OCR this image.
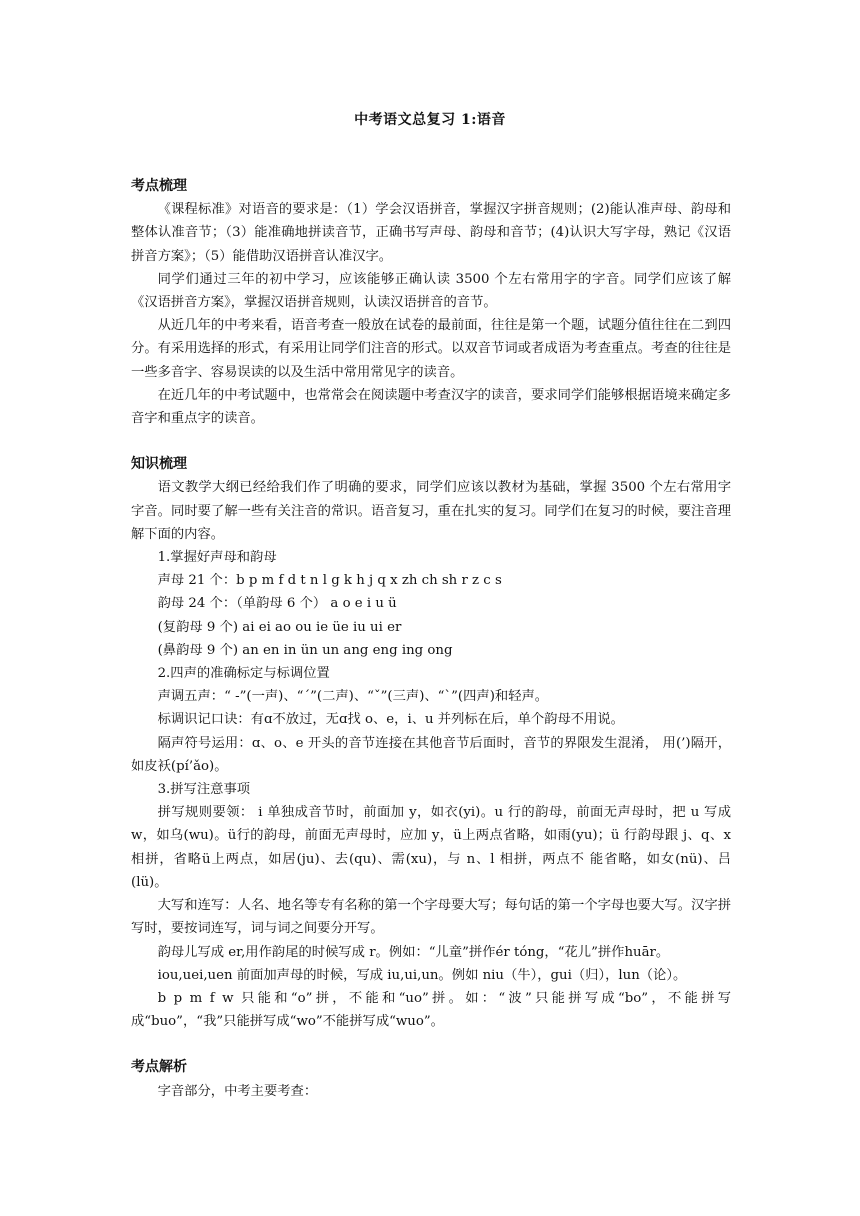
中考语文总复习 1:语音

考点梳理

《课程标准》对语音的要求是：（1）学会汉语拼音，掌握汉字拼音规则；(2)能认准声母、韵母和整体认准音节；（3）能准确地拼读音节，正确书写声母、韵母和音节；(4)认识大写字母，熟记《汉语拼音方案》；（5）能借助汉语拼音认准汉字。

同学们通过三年的初中学习，应该能够正确认读 3500 个左右常用字的字音。同学们应该了解《汉语拼音方案》，掌握汉语拼音规则，认读汉语拼音的音节。

从近几年的中考来看，语音考查一般放在试卷的最前面，往往是第一个题，试题分值往往在二到四分。有采用选择的形式，有采用让同学们注音的形式。以双音节词或者成语为考查重点。考查的往往是一些多音字、容易误读的以及生活中常用常见字的读音。

在近几年的中考试题中，也常常会在阅读题中考查汉字的读音，要求同学们能够根据语境来确定多音字和重点字的读音。

知识梳理

语文教学大纲已经给我们作了明确的要求，同学们应该以教材为基础，掌握 3500 个左右常用字字音。同时要了解一些有关注音的常识。语音复习，重在扎实的复习。同学们在复习的时候，要注音理解下面的内容。

1.掌握好声母和韵母

声母 21 个：b p m f d t n l g k h j q x zh ch sh r z c s

韵母 24 个：（单韵母 6 个） a o e i u ü

(复韵母 9 个) ai ei ao ou ie üe iu ui er

(鼻韵母 9 个) an en in ün un ang eng ing ong

2.四声的准确标定与标调位置

声调五声：“ -”(一声)、“ˊ”(二声)、“ˇ”(三声)、“ˋ”(四声)和轻声。

标调识记口诀：有ɑ不放过，无ɑ找 o、e，i、u 并列标在后，单个韵母不用说。

隔声符号运用：ɑ、o、e 开头的音节连接在其他音节后面时，音节的界限发生混淆， 用(’)隔开，如皮袄(pí’ǎo)。

3.拼写注意事项

拼写规则要领： i 单独成音节时，前面加 y，如衣(yi)。u 行的韵母，前面无声母时，把 u 写成 w，如乌(wu)。ü行的韵母，前面无声母时，应加 y，ü上两点省略，如雨(yu)；ü 行韵母跟 j、q、x 相拼，省略ü上两点，如居(ju)、去(qu)、需(xu)，与 n、l 相拼，两点不 能省略，如女(nü)、吕(lü)。

大写和连写：人名、地名等专有名称的第一个字母要大写；每句话的第一个字母也要大写。汉字拼写时，要按词连写，词与词之间要分开写。

韵母儿写成 er,用作韵尾的时候写成 r。例如：“儿童”拼作ér tóng，“花儿”拼作huār。

iou,uei,uen 前面加声母的时候，写成 iu,ui,un。例如 niu（牛），gui（归），lun（论）。

b p m f w 只能和“o”拼，不能和“uo”拼。如：“波”只能拼写成“bo”，不能拼写成“buo”，“我”只能拼写成“wo”不能拼写成“wuo”。

考点解析

字音部分，中考主要考查：
